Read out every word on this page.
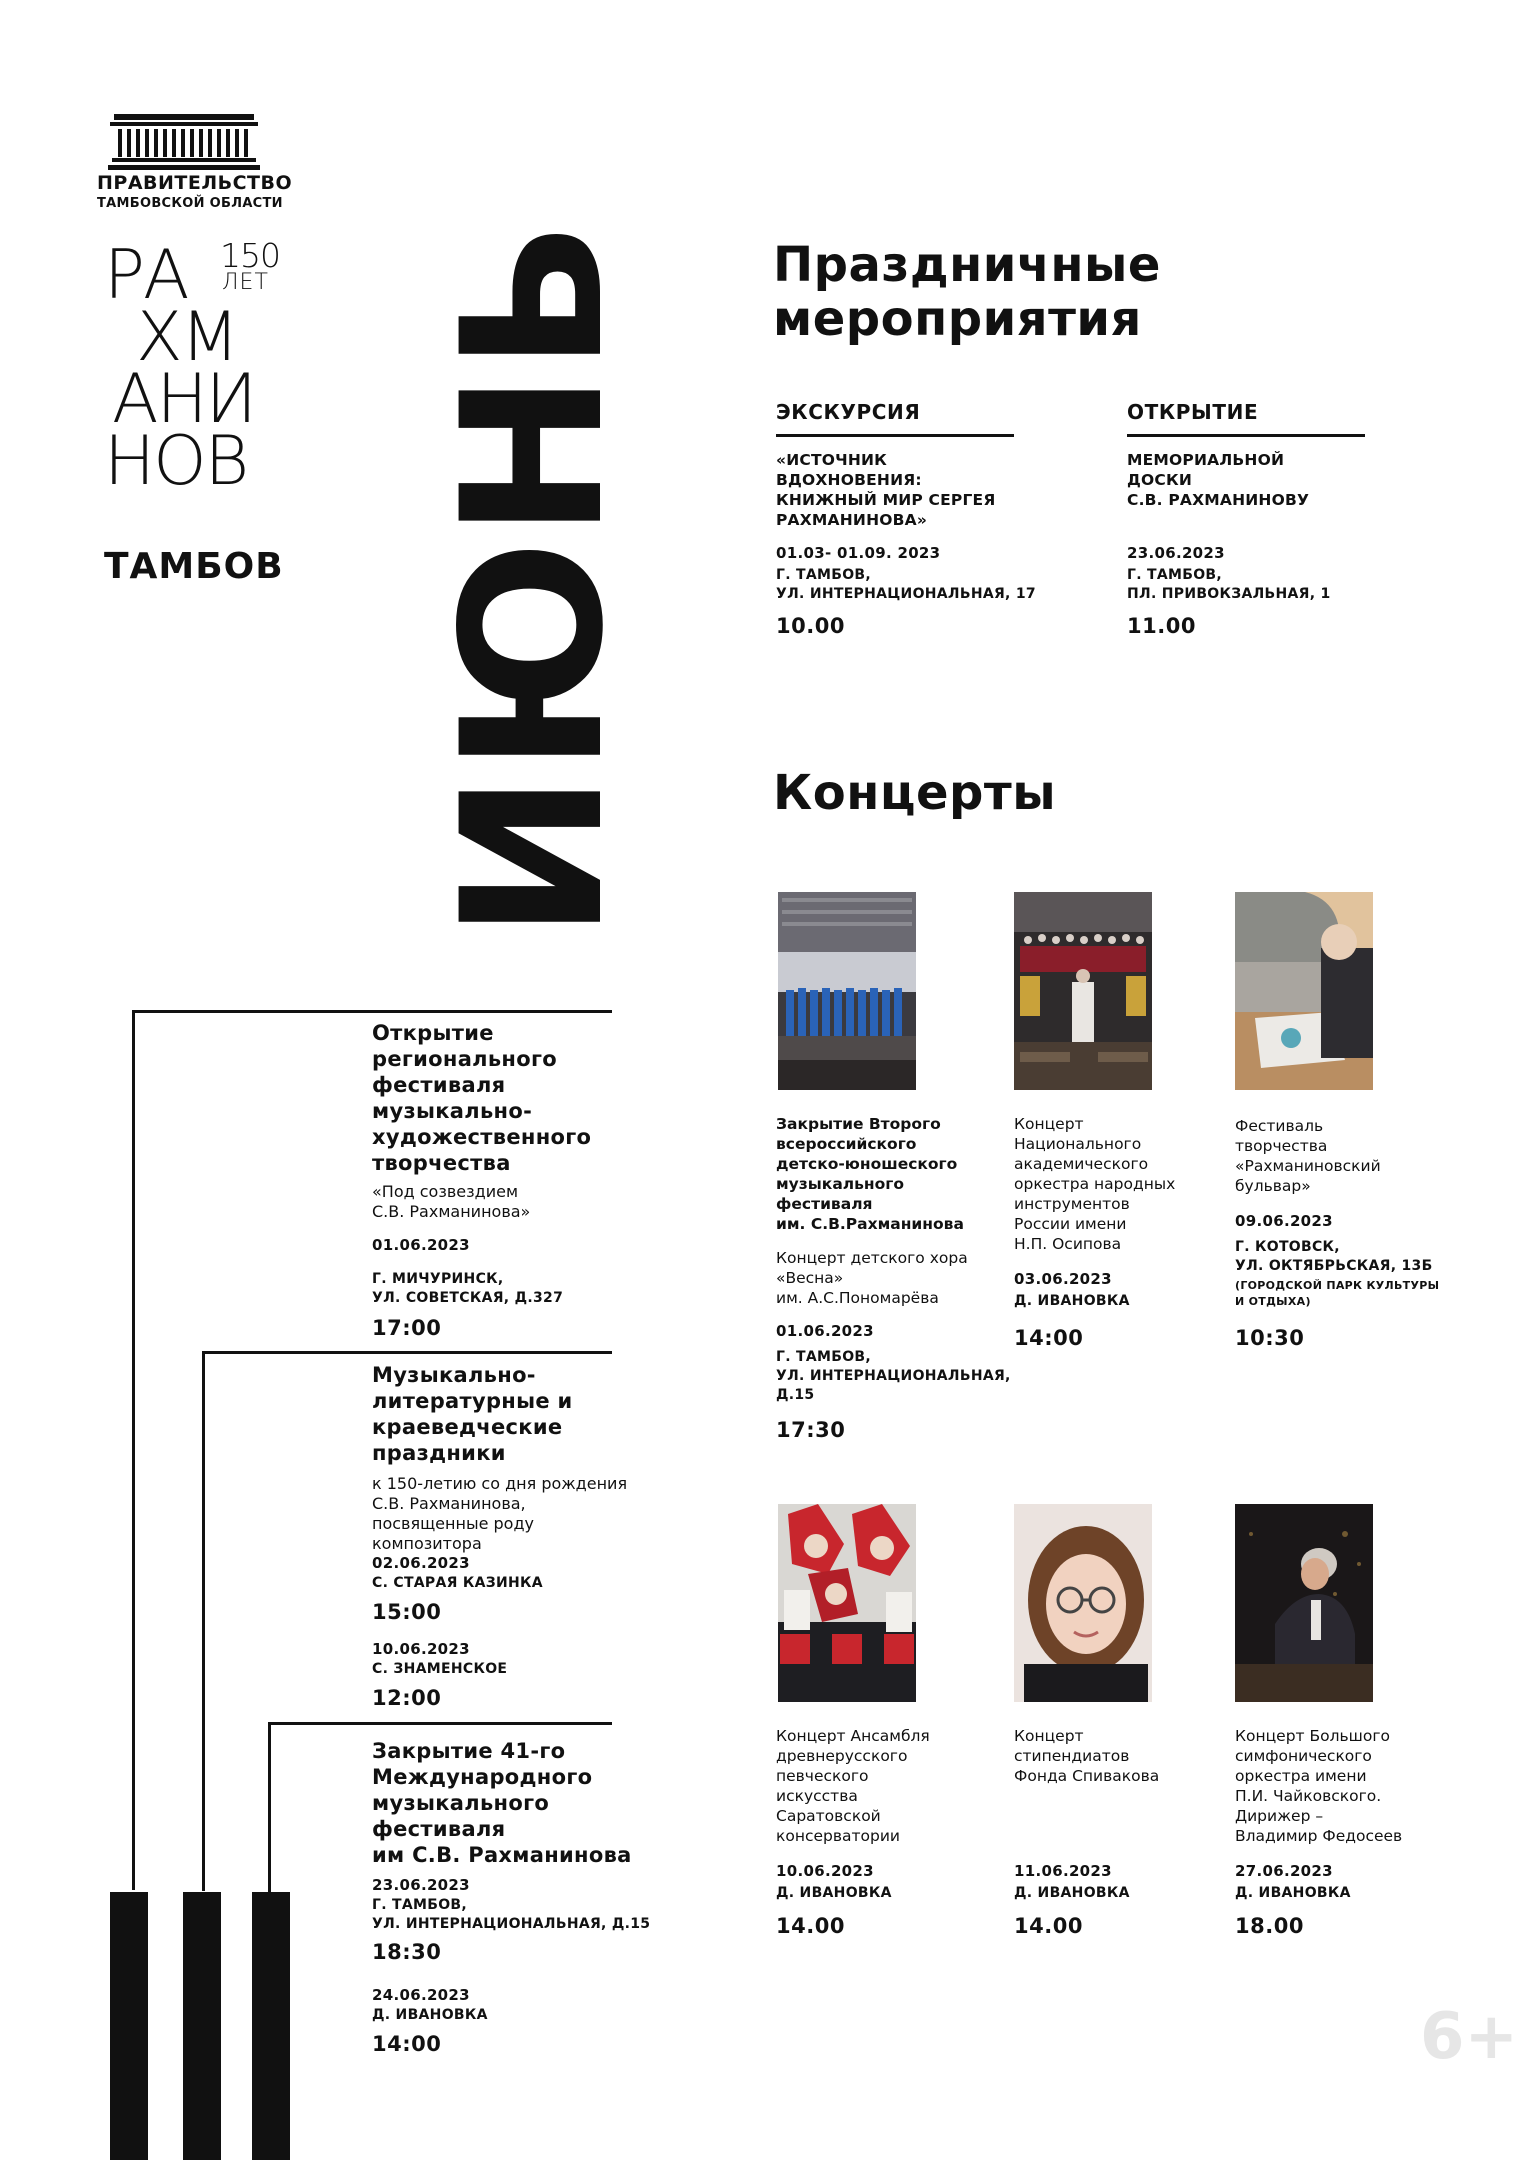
ПРАВИТЕЛЬСТВО
ТАМБОВСКОЙ ОБЛАСТИ
150
ЛЕТ
РА
ХМ
АНИ
НОВ
ТАМБОВ ИЮНЬ	Праздничные
мероприятия
ЭКСКУРСИЯ
«ИСТОЧНИК
ВДОХНОВЕНИЯ:
КНИЖНЫЙ МИР СЕРГЕЯ
РАХМАНИНОВА»
01.03- 01.09. 2023
Г. ТАМБОВ,
УЛ. ИНТЕРНАЦИОНАЛЬНАЯ, 17
10.00
ОТКРЫТИЕ
МЕМОРИАЛЬНОЙ
ДОСКИ
С.В. РАХМАНИНОВУ
23.06.2023
Г. ТАМБОВ,
ПЛ. ПРИВОКЗАЛЬНАЯ, 1
11.00
Концерты
Закрытие Второго
всероссийского
детско-юношеского
музыкального
фестиваля
им. С.В.Рахманинова
Концерт детского хора
«Весна»
им. А.С.Пономарёва
01.06.2023
Г. ТАМБОВ,
УЛ. ИНТЕРНАЦИОНАЛЬНАЯ,
Д.15
17:30
Концерт
Национального
академического
оркестра народных
инструментов
России имени
Н.П. Осипова
03.06.2023
Д. ИВАНОВКА
14:00
Фестиваль
творчества
«Рахманиновский
бульвар»
09.06.2023
Г. КОТОВСК,
УЛ. ОКТЯБРЬСКАЯ, 13Б
(ГОРОДСКОЙ ПАРК КУЛЬТУРЫ
И ОТДЫХА)
10:30
Концерт Ансамбля
древнерусского
певческого
искусства
Саратовской
консерватории
10.06.2023
Д. ИВАНОВКА
14.00
Концерт
стипендиатов
Фонда Спивакова
11.06.2023
Д. ИВАНОВКА
14.00
Концерт Большого
симфонического
оркестра имени
П.И. Чайковского.
Дирижер –
Владимир Федосеев
27.06.2023
Д. ИВАНОВКА
18.00
Открытие
регионального
фестиваля
музыкально-
художественного
творчества
«Под созвездием
С.В. Рахманинова»
01.06.2023
Г. МИЧУРИНСК,
УЛ. СОВЕТСКАЯ, Д.327
17:00
Музыкально-
литературные и
краеведческие
праздники
к 150-летию со дня рождения
С.В. Рахманинова,
посвященные роду
композитора
02.06.2023
С. СТАРАЯ КАЗИНКА
15:00
10.06.2023
С. ЗНАМЕНСКОЕ
12:00
Закрытие 41-го
Международного
музыкального
фестиваля
им С.В. Рахманинова
23.06.2023
Г. ТАМБОВ,
УЛ. ИНТЕРНАЦИОНАЛЬНАЯ, Д.15
18:30
24.06.2023
Д. ИВАНОВКА
14:00	6+
